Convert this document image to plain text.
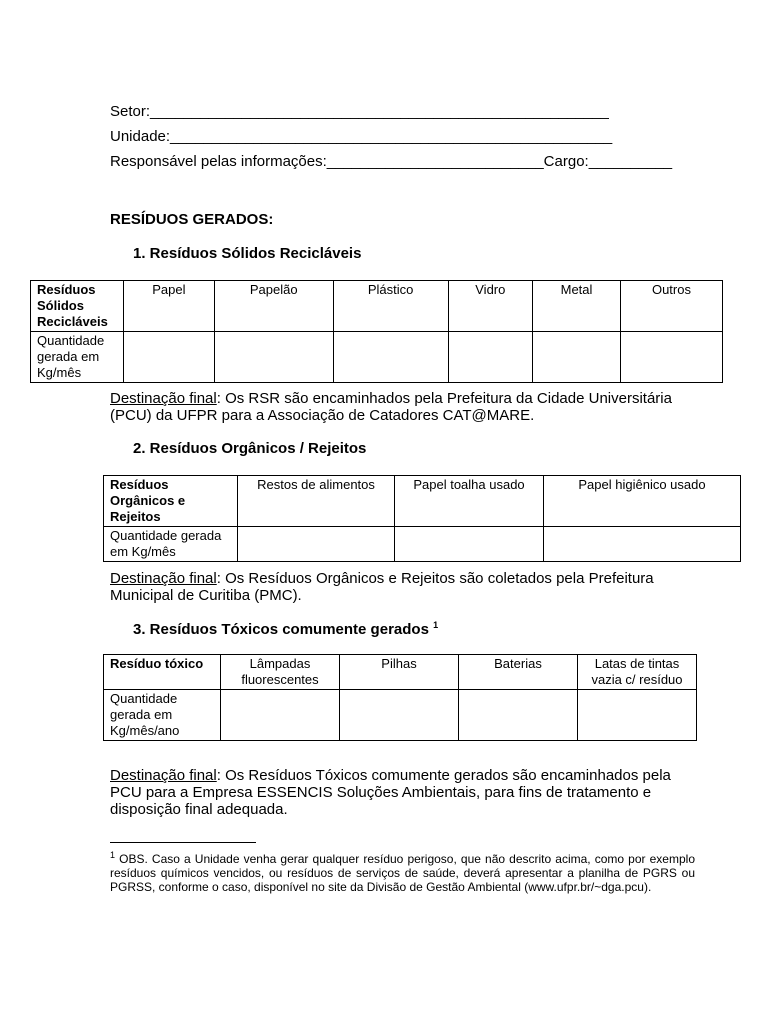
Setor:_______________________________________________________
Unidade:_____________________________________________________
Responsável pelas informações:__________________________Cargo:__________
RESÍDUOS GERADOS:
1. Resíduos Sólidos Recicláveis
Resíduos Sólidos Recicláveis	Papel	Papelão	Plástico	Vidro	Metal	Outros
Quantidade gerada em Kg/mês						
Destinação final: Os RSR são encaminhados pela Prefeitura da Cidade Universitária (PCU) da UFPR para a Associação de Catadores CAT@MARE.
2. Resíduos Orgânicos / Rejeitos
Resíduos Orgânicos e Rejeitos	Restos de alimentos	Papel toalha usado	Papel higiênico usado
Quantidade gerada em Kg/mês			
Destinação final: Os Resíduos Orgânicos e Rejeitos são coletados pela Prefeitura Municipal de Curitiba (PMC).
3. Resíduos Tóxicos comumente gerados $^1$
Resíduo tóxico	Lâmpadas fluorescentes	Pilhas	Baterias	Latas de tintas vazia c/ resíduo
Quantidade gerada em Kg/mês/ano				
Destinação final: Os Resíduos Tóxicos comumente gerados são encaminhados pela PCU para a Empresa ESSENCIS Soluções Ambientais, para fins de tratamento e disposição final adequada.
$^1$ OBS. Caso a Unidade venha gerar qualquer resíduo perigoso, que não descrito acima, como por exemplo resíduos químicos vencidos, ou resíduos de serviços de saúde, deverá apresentar a planilha de PGRS ou PGRSS, conforme o caso, disponível no site da Divisão de Gestão Ambiental (www.ufpr.br/~dga.pcu).
